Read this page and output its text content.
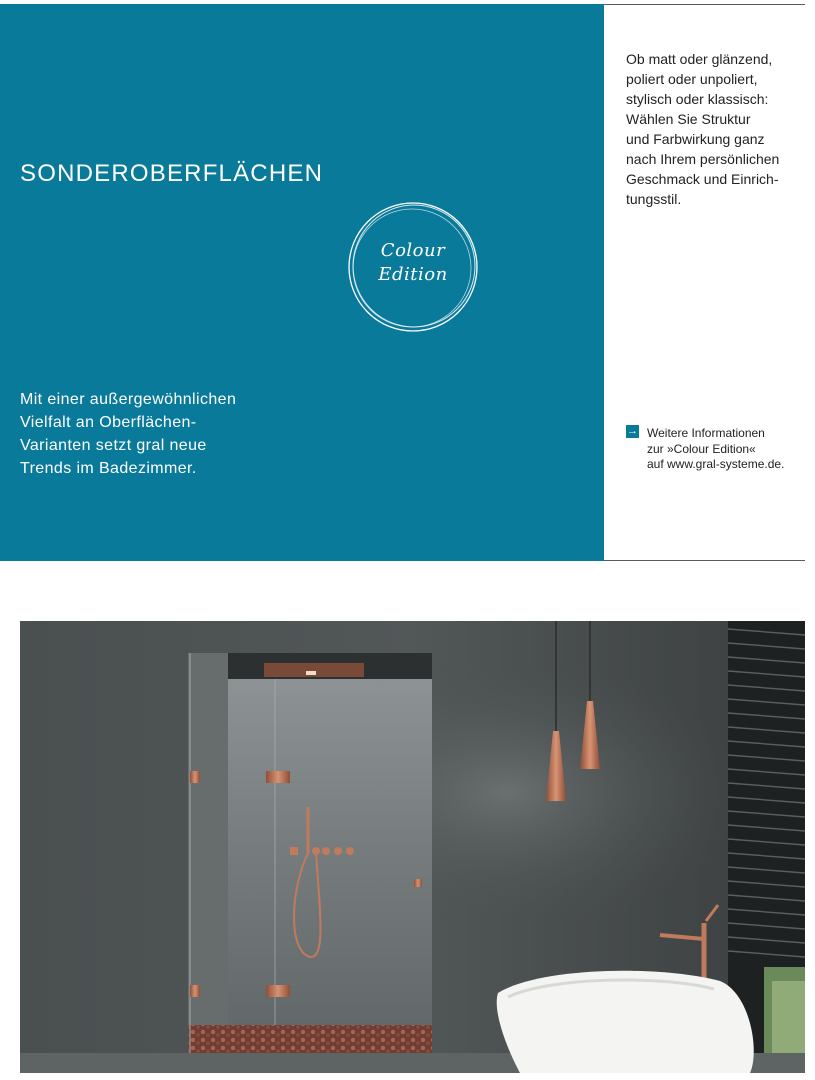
SONDEROBERFLÄCHEN
Colour
Edition
Mit einer außergewöhnlichen
Vielfalt an Oberflächen-
Varianten setzt gral neue
Trends im Badezimmer.
Ob matt oder glänzend,
poliert oder unpoliert,
stylisch oder klassisch:
Wählen Sie Struktur
und Farbwirkung ganz
nach Ihrem persönlichen
Geschmack und Einrich-
tungsstil.
→ Weitere Informationen
zur »Colour Edition«
auf www.gral-systeme.de.
